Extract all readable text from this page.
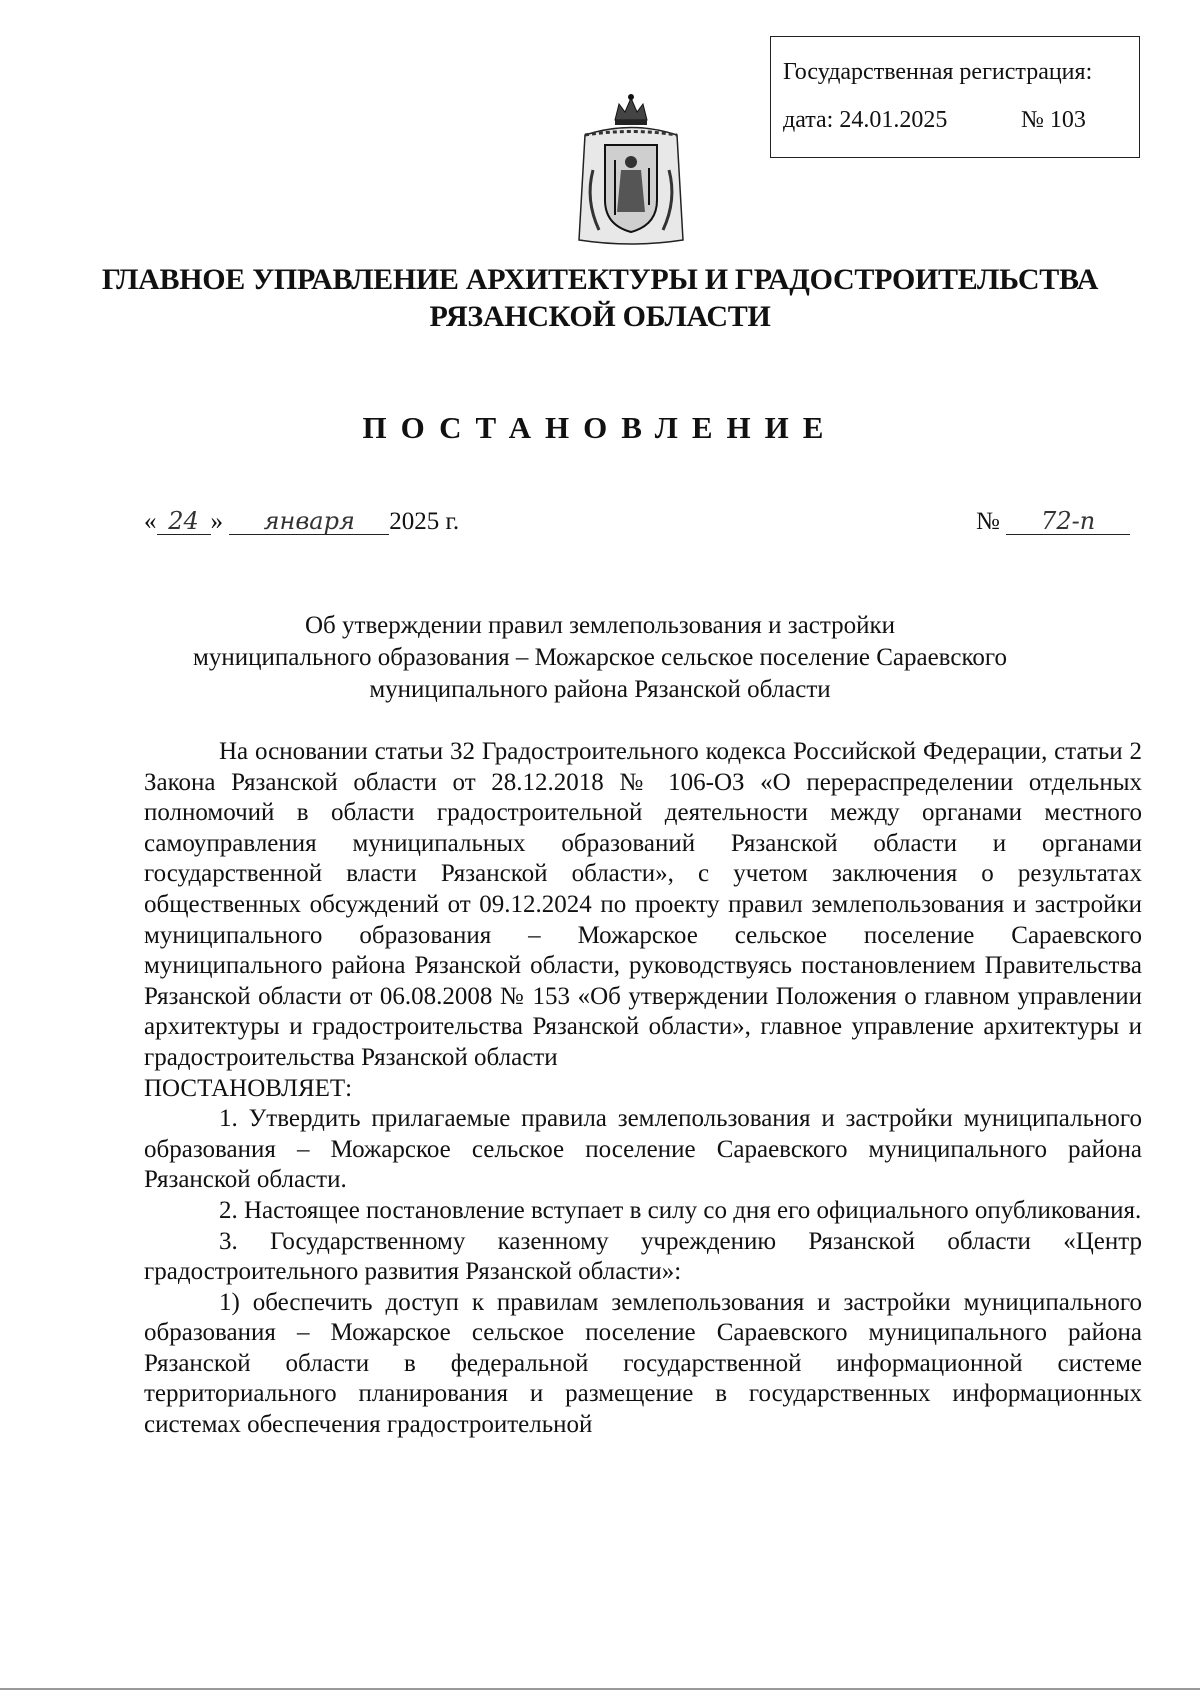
Государственная регистрация:
дата: 24.01.2025	№ 103
ГЛАВНОЕ УПРАВЛЕНИЕ АРХИТЕКТУРЫ И ГРАДОСТРОИТЕЛЬСТВА
РЯЗАНСКОЙ ОБЛАСТИ
ПОСТАНОВЛЕНИЕ
« 24 » января 2025 г.	№ 72-п
Об утверждении правил землепользования и застройки
муниципального образования – Можарское сельское поселение Сараевского
муниципального района Рязанской области

На основании статьи 32 Градостроительного кодекса Российской Федерации, статьи 2 Закона Рязанской области от 28.12.2018 № 106-ОЗ «О перераспределении отдельных полномочий в области градостроительной деятельности между органами местного самоуправления муниципальных образований Рязанской области и органами государственной власти Рязанской области», с учетом заключения о результатах общественных обсуждений от 09.12.2024 по проекту правил землепользования и застройки муниципального образования – Можарское сельское поселение Сараевского муниципального района Рязанской области, руководствуясь постановлением Правительства Рязанской области от 06.08.2008 № 153 «Об утверждении Положения о главном управлении архитектуры и градостроительства Рязанской области», главное управление архитектуры и градостроительства Рязанской области

ПОСТАНОВЛЯЕТ:

1. Утвердить прилагаемые правила землепользования и застройки муниципального образования – Можарское сельское поселение Сараевского муниципального района Рязанской области.

2. Настоящее постановление вступает в силу со дня его официального опубликования.

3. Государственному казенному учреждению Рязанской области «Центр градостроительного развития Рязанской области»:

1) обеспечить доступ к правилам землепользования и застройки муниципального образования – Можарское сельское поселение Сараевского муниципального района Рязанской области в федеральной государственной информационной системе территориального планирования и размещение в государственных информационных системах обеспечения градостроительной
